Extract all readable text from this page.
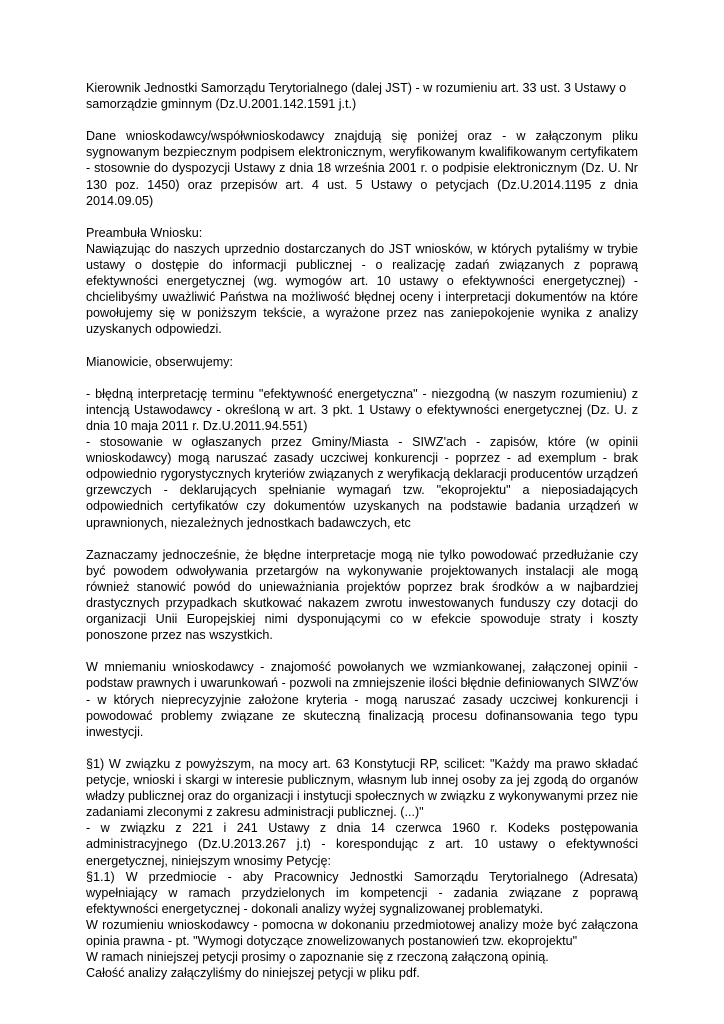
Kierownik Jednostki Samorządu Terytorialnego (dalej JST) - w rozumieniu art. 33 ust. 3 Ustawy o samorządzie gminnym (Dz.U.2001.142.1591 j.t.)

Dane wnioskodawcy/współwnioskodawcy znajdują się poniżej oraz - w załączonym pliku sygnowanym bezpiecznym podpisem elektronicznym, weryfikowanym kwalifikowanym certyfikatem - stosownie do dyspozycji Ustawy z dnia 18 września 2001 r. o podpisie elektronicznym (Dz. U. Nr 130 poz. 1450) oraz przepisów art. 4 ust. 5 Ustawy o petycjach (Dz.U.2014.1195 z dnia 2014.09.05)

Preambuła Wniosku:
Nawiązując do naszych uprzednio dostarczanych do JST wniosków, w których pytaliśmy w trybie ustawy o dostępie do informacji publicznej - o realizację zadań związanych z poprawą efektywności energetycznej (wg. wymogów art. 10 ustawy o efektywności energetycznej) - chcielibyśmy uważliwić Państwa na możliwość błędnej oceny i interpretacji dokumentów na które powołujemy się w poniższym tekście, a wyrażone przez nas zaniepokojenie wynika z analizy uzyskanych odpowiedzi.

Mianowicie, obserwujemy:

- błędną interpretację terminu "efektywność energetyczna" - niezgodną (w naszym rozumieniu) z intencją Ustawodawcy - określoną w art. 3 pkt. 1 Ustawy o efektywności energetycznej (Dz. U. z dnia 10 maja 2011 r. Dz.U.2011.94.551)
- stosowanie w ogłaszanych przez Gminy/Miasta - SIWZ'ach - zapisów, które (w opinii wnioskodawcy) mogą naruszać zasady uczciwej konkurencji - poprzez - ad exemplum - brak odpowiednio rygorystycznych kryteriów związanych z weryfikacją deklaracji producentów urządzeń grzewczych - deklarujących spełnianie wymagań tzw. "ekoprojektu" a nieposiadających odpowiednich certyfikatów czy dokumentów uzyskanych na podstawie badania urządzeń w uprawnionych, niezależnych jednostkach badawczych, etc

Zaznaczamy jednocześnie, że błędne interpretacje mogą nie tylko powodować przedłużanie czy być powodem odwoływania przetargów na wykonywanie projektowanych instalacji ale mogą również stanowić powód do unieważniania projektów poprzez brak środków a w najbardziej drastycznych przypadkach skutkować nakazem zwrotu inwestowanych funduszy czy dotacji do organizacji Unii Europejskiej nimi dysponującymi co w efekcie spowoduje straty i koszty ponoszone przez nas wszystkich.

W mniemaniu wnioskodawcy - znajomość powołanych we wzmiankowanej, załączonej opinii - podstaw prawnych i uwarunkowań - pozwoli na zmniejszenie ilości błędnie definiowanych SIWZ'ów - w których nieprecyzyjnie założone kryteria - mogą naruszać zasady uczciwej konkurencji i powodować problemy związane ze skuteczną finalizacją procesu dofinansowania tego typu inwestycji.

§1) W związku z powyższym, na mocy art. 63 Konstytucji RP, scilicet: "Każdy ma prawo składać petycje, wnioski i skargi w interesie publicznym, własnym lub innej osoby za jej zgodą do organów władzy publicznej oraz do organizacji i instytucji społecznych w związku z wykonywanymi przez nie zadaniami zleconymi z zakresu administracji publicznej. (...)"
- w związku z 221 i 241 Ustawy z dnia 14 czerwca 1960 r. Kodeks postępowania administracyjnego (Dz.U.2013.267 j.t) - korespondując z art. 10 ustawy o efektywności energetycznej, niniejszym wnosimy Petycję:
§1.1) W przedmiocie - aby Pracownicy Jednostki Samorządu Terytorialnego (Adresata) wypełniający w ramach przydzielonych im kompetencji - zadania związane z poprawą efektywności energetycznej - dokonali analizy wyżej sygnalizowanej problematyki.
W rozumieniu wnioskodawcy - pomocna w dokonaniu przedmiotowej analizy może być załączona opinia prawna - pt. "Wymogi dotyczące znowelizowanych postanowień tzw. ekoprojektu"
W ramach niniejszej petycji prosimy o zapoznanie się z rzeczoną załączoną opinią.
Całość analizy załączyliśmy do niniejszej petycji w pliku pdf.
